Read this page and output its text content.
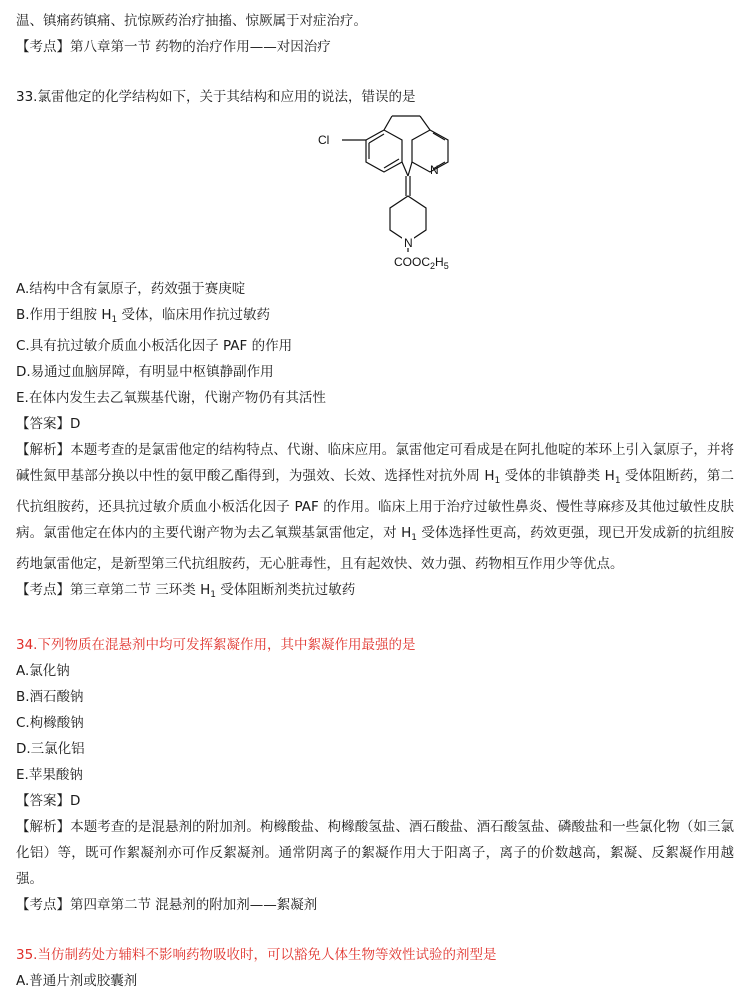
温、镇痛药镇痛、抗惊厥药治疗抽搐、惊厥属于对症治疗。
【考点】第八章第一节 药物的治疗作用——对因治疗
33.氯雷他定的化学结构如下，关于其结构和应用的说法，错误的是
Cl
N
N
$COOC_2H_5$
A.结构中含有氯原子，药效强于赛庚啶
B.作用于组胺 $H_1$ 受体，临床用作抗过敏药
C.具有抗过敏介质血小板活化因子 PAF 的作用
D.易通过血脑屏障，有明显中枢镇静副作用
E.在体内发生去乙氧羰基代谢，代谢产物仍有其活性
【答案】D
【解析】本题考查的是氯雷他定的结构特点、代谢、临床应用。氯雷他定可看成是在阿扎他啶的苯环上引入氯原子，并将碱性氮甲基部分换以中性的氨甲酸乙酯得到，为强效、长效、选择性对抗外周 $H_1$ 受体的非镇静类 $H_1$ 受体阻断药，第二代抗组胺药，还具抗过敏介质血小板活化因子 PAF 的作用。临床上用于治疗过敏性鼻炎、慢性荨麻疹及其他过敏性皮肤病。氯雷他定在体内的主要代谢产物为去乙氧羰基氯雷他定，对 $H_1$ 受体选择性更高，药效更强，现已开发成新的抗组胺药地氯雷他定，是新型第三代抗组胺药，无心脏毒性，且有起效快、效力强、药物相互作用少等优点。
【考点】第三章第二节 三环类 $H_1$ 受体阻断剂类抗过敏药
34.下列物质在混悬剂中均可发挥絮凝作用，其中絮凝作用最强的是
A.氯化钠
B.酒石酸钠
C.枸橼酸钠
D.三氯化铝
E.苹果酸钠
【答案】D
【解析】本题考查的是混悬剂的附加剂。枸橼酸盐、枸橼酸氢盐、酒石酸盐、酒石酸氢盐、磷酸盐和一些氯化物（如三氯化铝）等，既可作絮凝剂亦可作反絮凝剂。通常阴离子的絮凝作用大于阳离子，离子的价数越高，絮凝、反絮凝作用越强。
【考点】第四章第二节 混悬剂的附加剂——絮凝剂
35.当仿制药处方辅料不影响药物吸收时，可以豁免人体生物等效性试验的剂型是
A.普通片剂或胶囊剂
